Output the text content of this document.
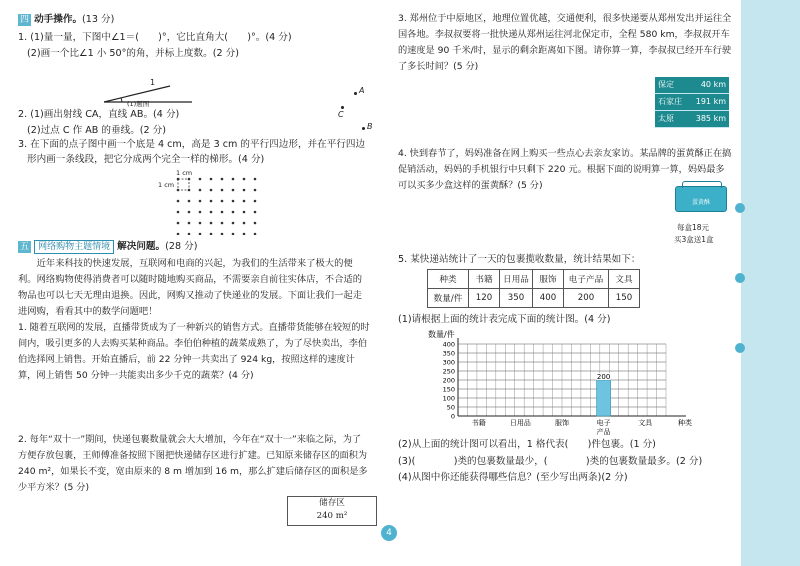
四 动手操作。(13 分)
1. (1)量一量，下图中∠1＝(　　)°，它比直角大(　　)°。(4 分)
(2)画一个比∠1 小 50°的角，并标上度数。(2 分)
1
(1)题图
2. (1)画出射线 CA，直线 AB。(4 分)
(2)过点 C 作 AB 的垂线。(2 分)
A
C
B
3. 在下面的点子图中画一个底是 4 cm，高是 3 cm 的平行四边形，并在平行四边
形内画一条线段，把它分成两个完全一样的梯形。(4 分)
1 cm
1 cm
五 网络购物主题情境 解决问题。(28 分)
近年来科技的快速发展，互联网和电商的兴起，为我们的生活带来了极大的便利。网络购物使得消费者可以随时随地购买商品，不需要亲自前往实体店，不合适的物品也可以七天无理由退换。因此，网购又推动了快递业的发展。下面让我们一起走进网购，看看其中的数学问题吧！
1. 随着互联网的发展，直播带货成为了一种新兴的销售方式。直播带货能够在较短的时间内，吸引更多的人去购买某种商品。李伯伯种植的蔬菜成熟了，为了尽快卖出，李伯伯选择网上销售。开始直播后，前 22 分钟一共卖出了 924 kg，按照这样的速度计算，网上销售 50 分钟一共能卖出多少千克的蔬菜？(4 分)
2. 每年“双十一”期间，快递包裹数量就会大大增加，今年在“双十一”来临之际，为了方便存放包裹，王师傅准备按照下图把快递储存区进行扩建。已知原来储存区的面积为 240 m²，如果长不变，宽由原来的 8 m 增加到 16 m，那么扩建后储存区的面积是多少平方米？(5 分)
储存区
240 m²
4
3. 郑州位于中原地区，地理位置优越，交通便利，很多快递要从郑州发出并运往全国各地。李叔叔要将一批快递从郑州运往河北保定市，全程 580 km，李叔叔开车的速度是 90 千米/时，显示的剩余距离如下图。请你算一算，李叔叔已经开车行驶了多长时间？(5 分)
保定	40 km
石家庄 191 km
太原	385 km
4. 快到春节了，妈妈准备在网上购买一些点心去亲友家访。某品牌的蛋黄酥正在搞促销活动，妈妈的手机银行中只剩下 220 元。根据下面的说明算一算，妈妈最多可以买多少盒这样的蛋黄酥？(5 分)
蛋黄酥
每盒18元
买3盒送1盒
5. 某快递站统计了一天的包裹揽收数量，统计结果如下：
种类	书籍	日用品	服饰	电子产品	文具
数量/件	120	350	400	200	150
(1)请根据上面的统计表完成下面的统计图。(4 分)
数量/件
0
50
100
150
200
250
300
350
400
书籍	日用品	服饰	电子
产品
200
文具	种类
(2)从上面的统计图可以看出，1 格代表(　　)件包裹。(1 分)
(3)(　　　　)类的包裹数量最少，(　　　　)类的包裹数量最多。(2 分)
(4)从图中你还能获得哪些信息？(至少写出两条)(2 分)
